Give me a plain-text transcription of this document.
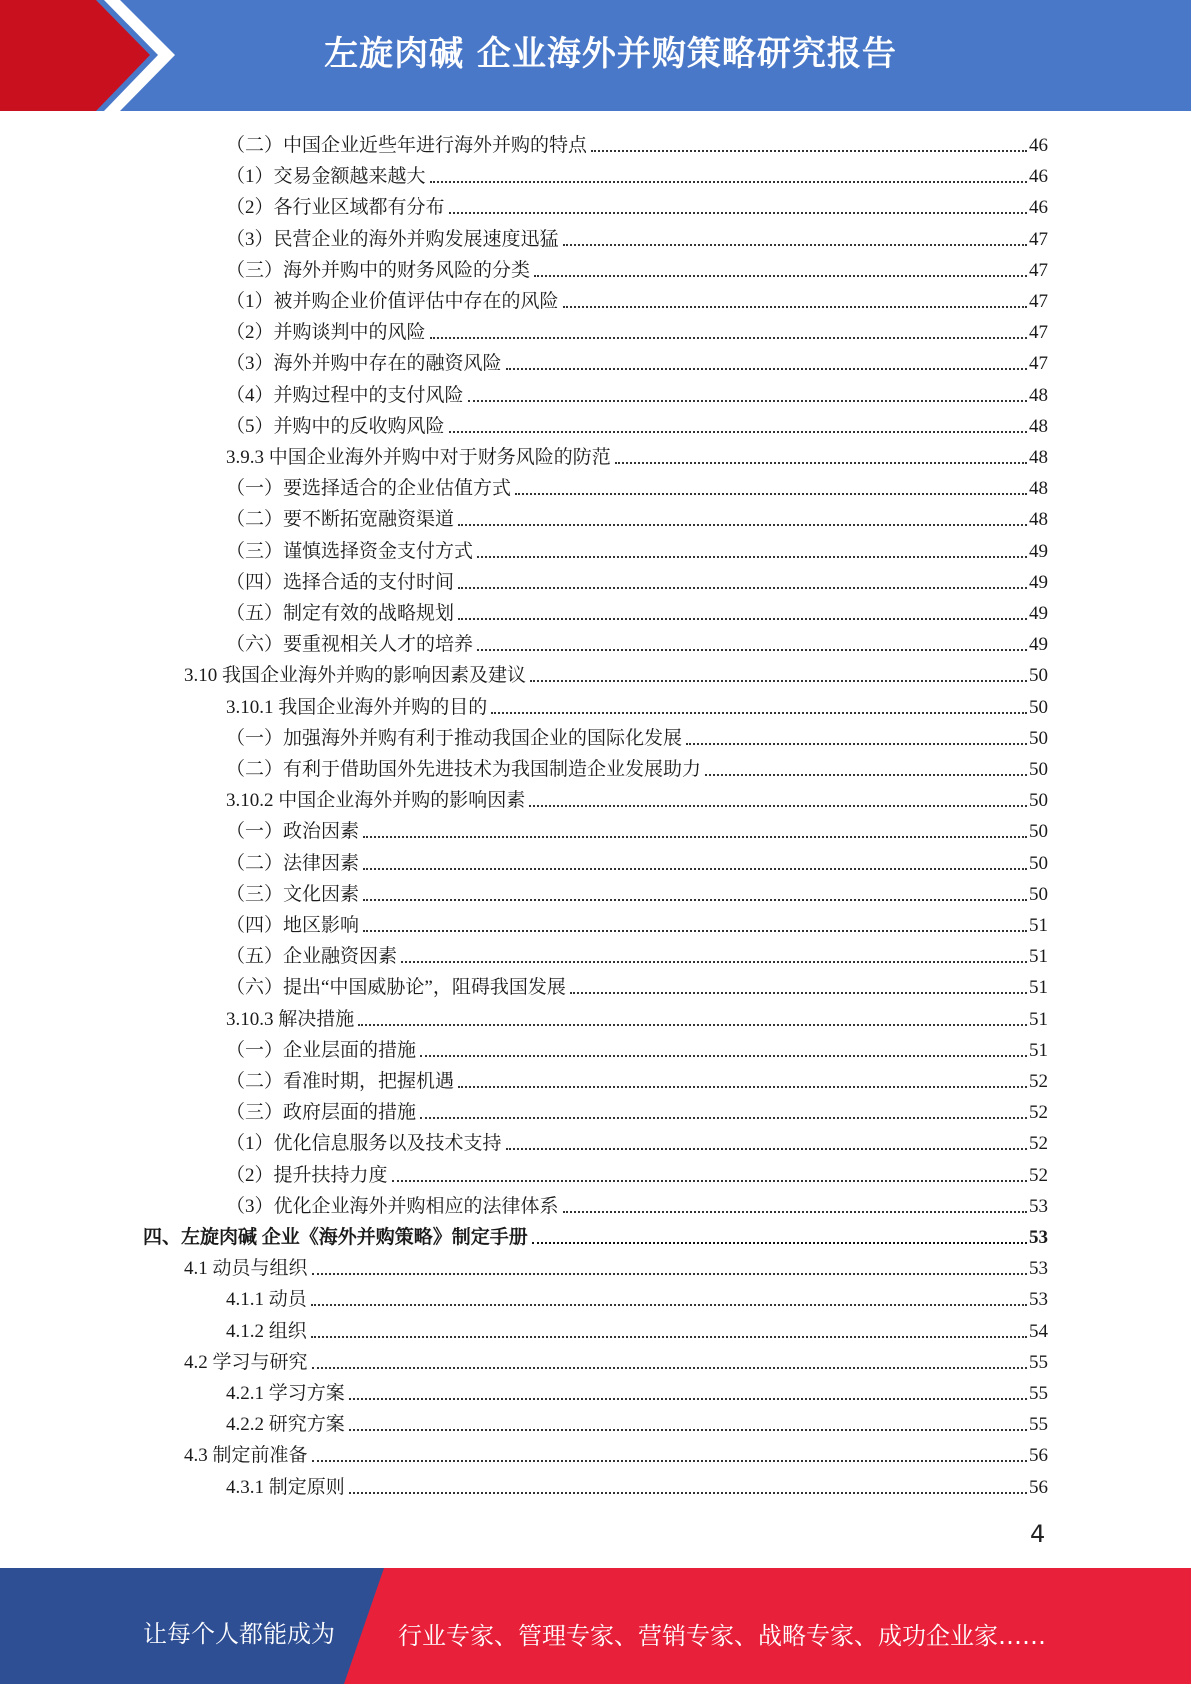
左旋肉碱 企业海外并购策略研究报告
（二）中国企业近些年进行海外并购的特点	46
（1）交易金额越来越大	46
（2）各行业区域都有分布	46
（3）民营企业的海外并购发展速度迅猛	47
（三）海外并购中的财务风险的分类	47
（1）被并购企业价值评估中存在的风险	47
（2）并购谈判中的风险	47
（3）海外并购中存在的融资风险	47
（4）并购过程中的支付风险	48
（5）并购中的反收购风险	48
3.9.3 中国企业海外并购中对于财务风险的防范	48
（一）要选择适合的企业估值方式	48
（二）要不断拓宽融资渠道	48
（三）谨慎选择资金支付方式	49
（四）选择合适的支付时间	49
（五）制定有效的战略规划	49
（六）要重视相关人才的培养	49
3.10 我国企业海外并购的影响因素及建议	50
3.10.1 我国企业海外并购的目的	50
（一）加强海外并购有利于推动我国企业的国际化发展	50
（二）有利于借助国外先进技术为我国制造企业发展助力	50
3.10.2 中国企业海外并购的影响因素	50
（一）政治因素	50
（二）法律因素	50
（三）文化因素	50
（四）地区影响	51
（五）企业融资因素	51
（六）提出“中国威胁论”，阻碍我国发展	51
3.10.3 解决措施	51
（一）企业层面的措施	51
（二）看准时期，把握机遇	52
（三）政府层面的措施	52
（1）优化信息服务以及技术支持	52
（2）提升扶持力度	52
（3）优化企业海外并购相应的法律体系	53
四、左旋肉碱 企业《海外并购策略》制定手册	53
4.1 动员与组织	53
4.1.1 动员	53
4.1.2 组织	54
4.2 学习与研究	55
4.2.1 学习方案	55
4.2.2 研究方案	55
4.3 制定前准备	56
4.3.1 制定原则	56
4
让每个人都能成为	行业专家、管理专家、营销专家、战略专家、成功企业家……
